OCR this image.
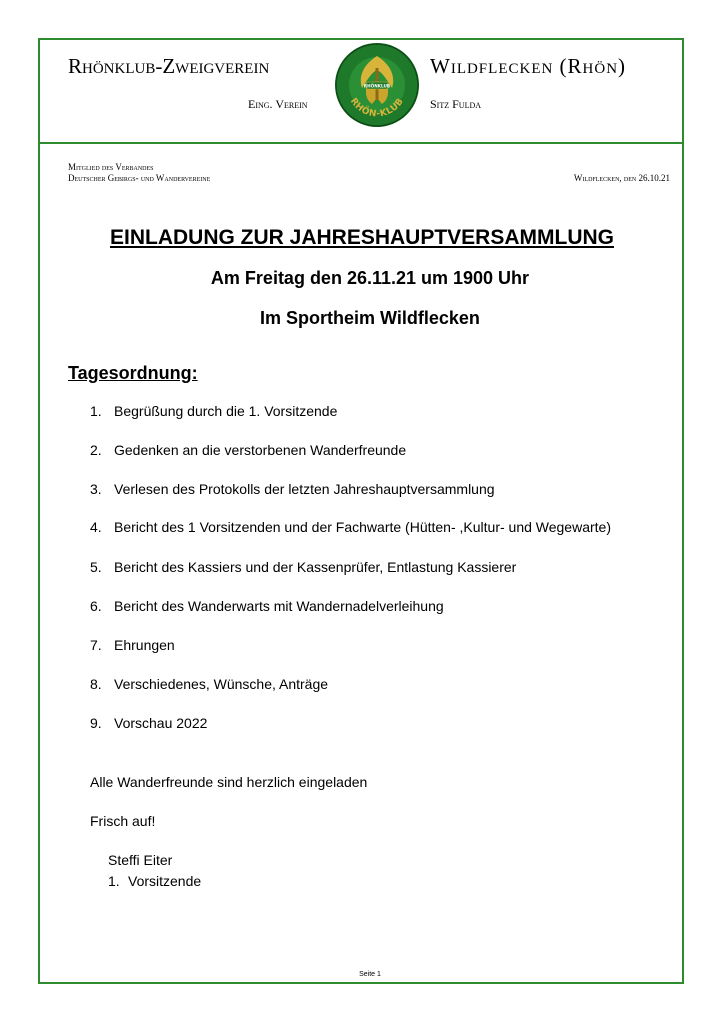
Rhönklub-Zweigverein	Wildflecken (Rhön)
Eing. Verein	Sitz Fulda
RHÖNKLUB
RHÖN-KLUB
Mitglied des Verbandes
Deutscher Gebirgs- und Wandervereine	Wildflecken, den 26.10.21
EINLADUNG ZUR JAHRESHAUPTVERSAMMLUNG
Am Freitag den 26.11.21 um 1900 Uhr
Im Sportheim Wildflecken
Tagesordnung:
1. Begrüßung durch die 1. Vorsitzende
2. Gedenken an die verstorbenen Wanderfreunde
3. Verlesen des Protokolls der letzten Jahreshauptversammlung
4. Bericht des 1 Vorsitzenden und der Fachwarte (Hütten- ,Kultur- und Wegewarte)
5. Bericht des Kassiers und der Kassenprüfer, Entlastung Kassierer
6. Bericht des Wanderwarts mit Wandernadelverleihung
7. Ehrungen
8. Verschiedenes, Wünsche, Anträge
9. Vorschau 2022
Alle Wanderfreunde sind herzlich eingeladen
Frisch auf!
Steffi Eiter
1. Vorsitzende
Seite 1
